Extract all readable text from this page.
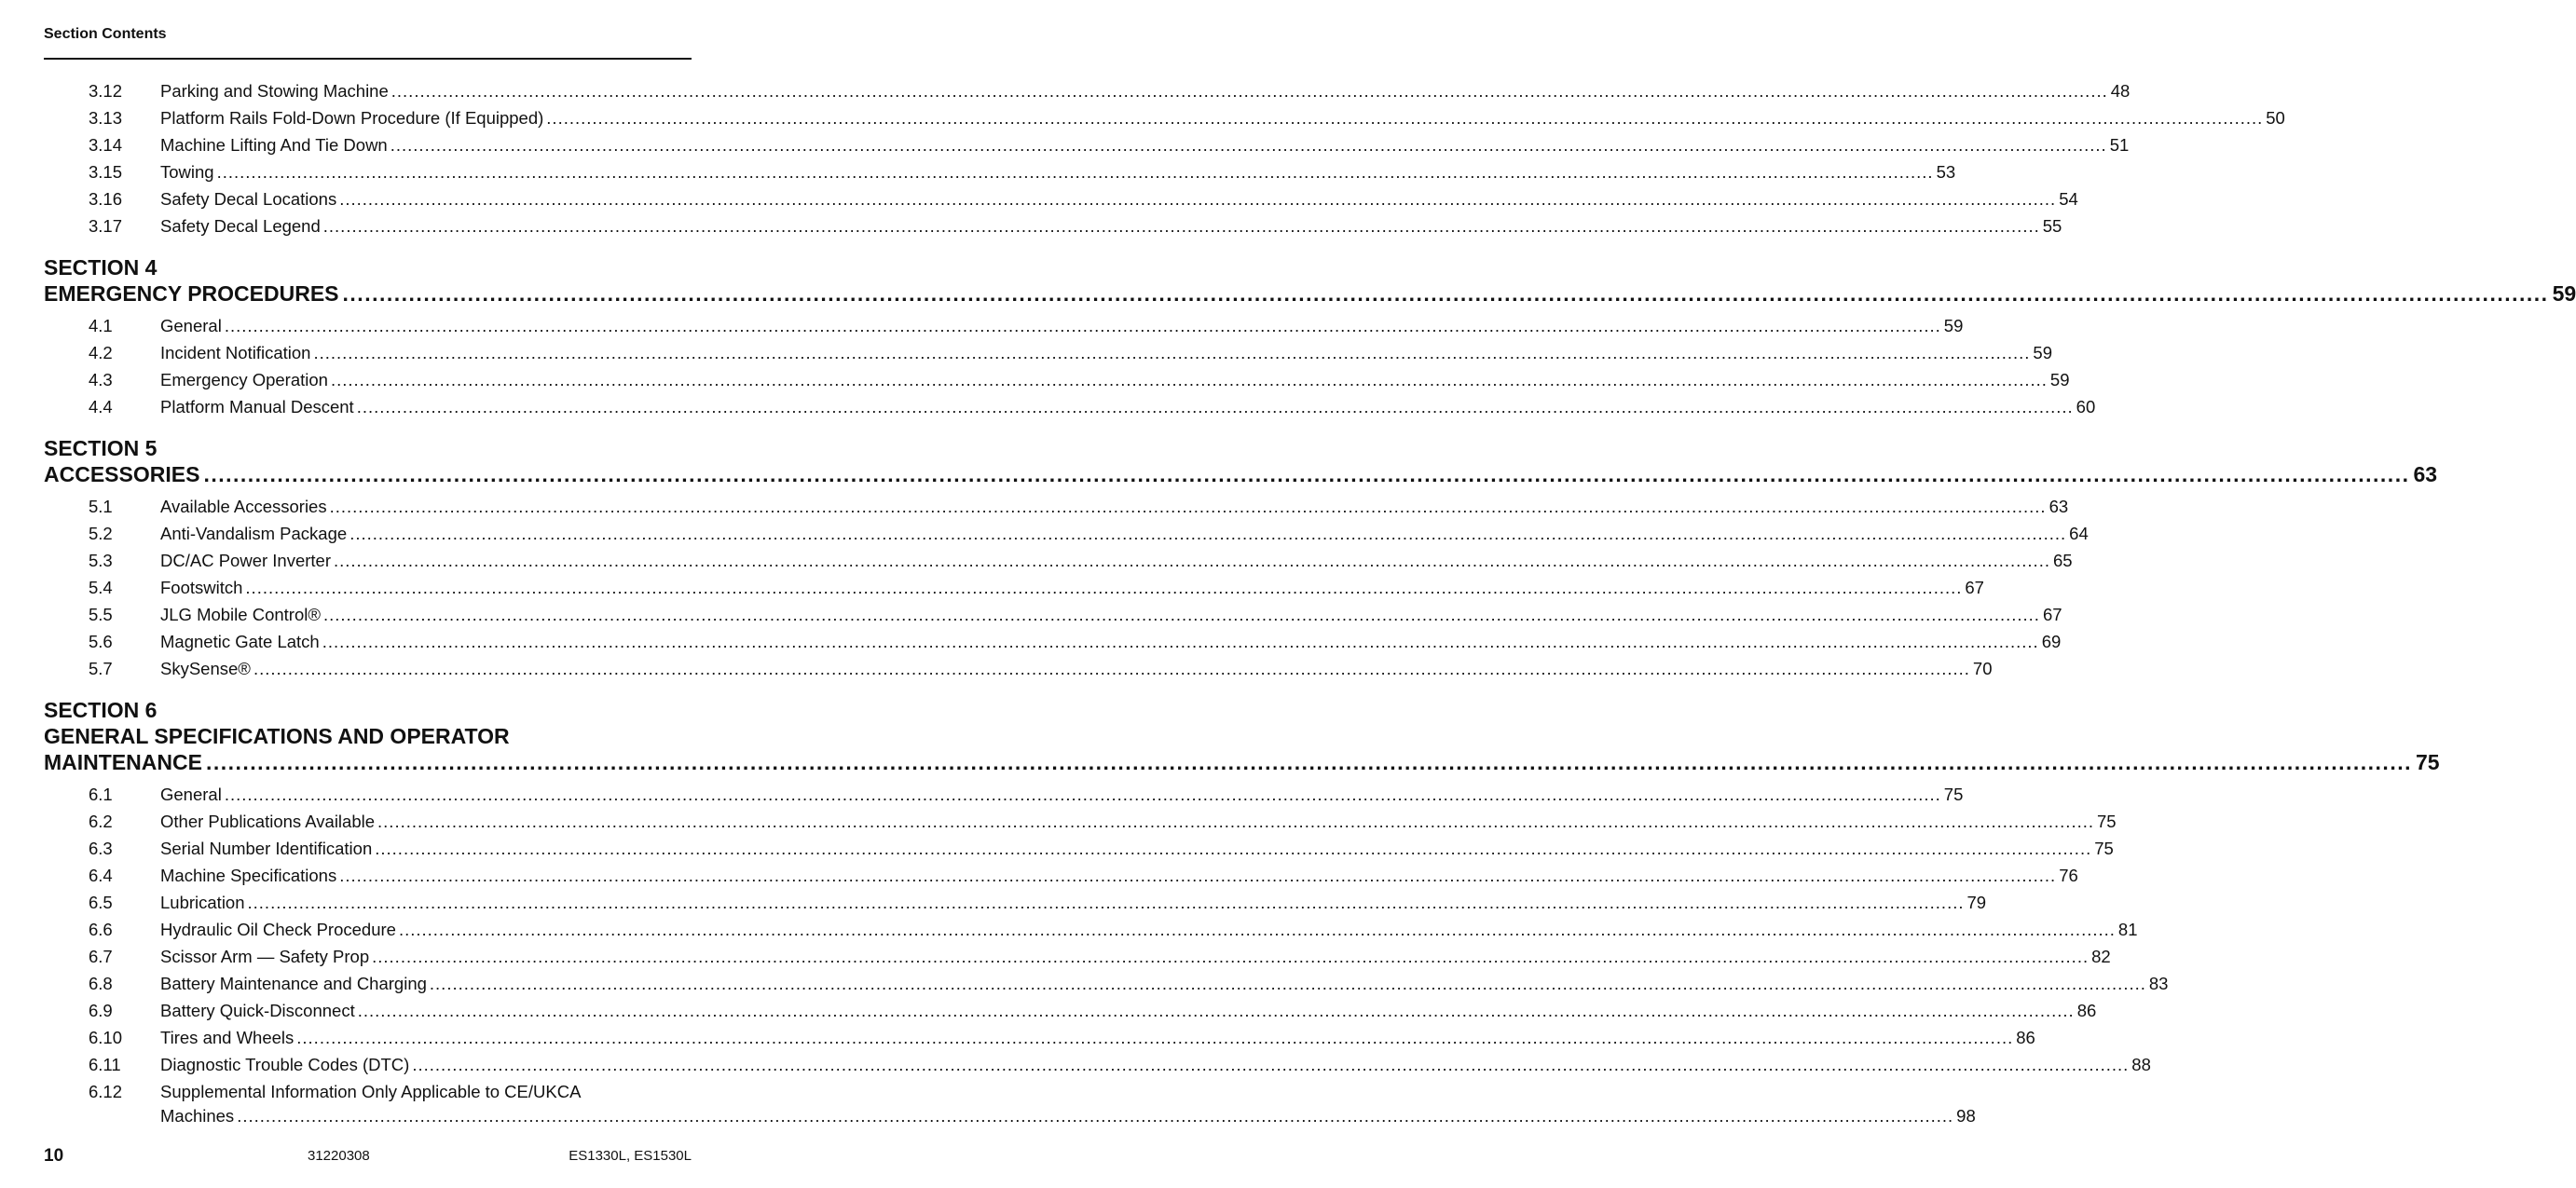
Section Contents
3.12	Parking and Stowing Machine ............................................................................................................................................................................................................................................................................................................ 48
3.13	Platform Rails Fold-Down Procedure (If Equipped) ............................................................................................................................................................................................................................................................................................................ 50
3.14	Machine Lifting And Tie Down ............................................................................................................................................................................................................................................................................................................ 51
3.15	Towing ............................................................................................................................................................................................................................................................................................................ 53
3.16	Safety Decal Locations ............................................................................................................................................................................................................................................................................................................ 54
3.17	Safety Decal Legend ............................................................................................................................................................................................................................................................................................................ 55
SECTION 4
EMERGENCY PROCEDURES ............................................................................................................................................................................................................................................................................................................ 59
4.1	General ............................................................................................................................................................................................................................................................................................................ 59
4.2	Incident Notification ............................................................................................................................................................................................................................................................................................................ 59
4.3	Emergency Operation ............................................................................................................................................................................................................................................................................................................ 59
4.4	Platform Manual Descent ............................................................................................................................................................................................................................................................................................................ 60
SECTION 5
ACCESSORIES ............................................................................................................................................................................................................................................................................................................ 63
5.1	Available Accessories ............................................................................................................................................................................................................................................................................................................ 63
5.2	Anti-Vandalism Package ............................................................................................................................................................................................................................................................................................................ 64
5.3	DC/AC Power Inverter ............................................................................................................................................................................................................................................................................................................ 65
5.4	Footswitch ............................................................................................................................................................................................................................................................................................................ 67
5.5	JLG Mobile Control® ............................................................................................................................................................................................................................................................................................................ 67
5.6	Magnetic Gate Latch ............................................................................................................................................................................................................................................................................................................ 69
5.7	SkySense® ............................................................................................................................................................................................................................................................................................................ 70
SECTION 6
GENERAL SPECIFICATIONS AND OPERATOR
MAINTENANCE ............................................................................................................................................................................................................................................................................................................ 75
6.1	General ............................................................................................................................................................................................................................................................................................................ 75
6.2	Other Publications Available ............................................................................................................................................................................................................................................................................................................ 75
6.3	Serial Number Identification ............................................................................................................................................................................................................................................................................................................ 75
6.4	Machine Specifications ............................................................................................................................................................................................................................................................................................................ 76
6.5	Lubrication ............................................................................................................................................................................................................................................................................................................ 79
6.6	Hydraulic Oil Check Procedure ............................................................................................................................................................................................................................................................................................................ 81
6.7	Scissor Arm — Safety Prop ............................................................................................................................................................................................................................................................................................................ 82
6.8	Battery Maintenance and Charging ............................................................................................................................................................................................................................................................................................................ 83
6.9	Battery Quick-Disconnect ............................................................................................................................................................................................................................................................................................................ 86
6.10	Tires and Wheels ............................................................................................................................................................................................................................................................................................................ 86
6.11	Diagnostic Trouble Codes (DTC) ............................................................................................................................................................................................................................................................................................................ 88
6.12	Supplemental Information Only Applicable to CE/UKCA
Machines ............................................................................................................................................................................................................................................................................................................ 98
10	31220308	ES1330L, ES1530L
